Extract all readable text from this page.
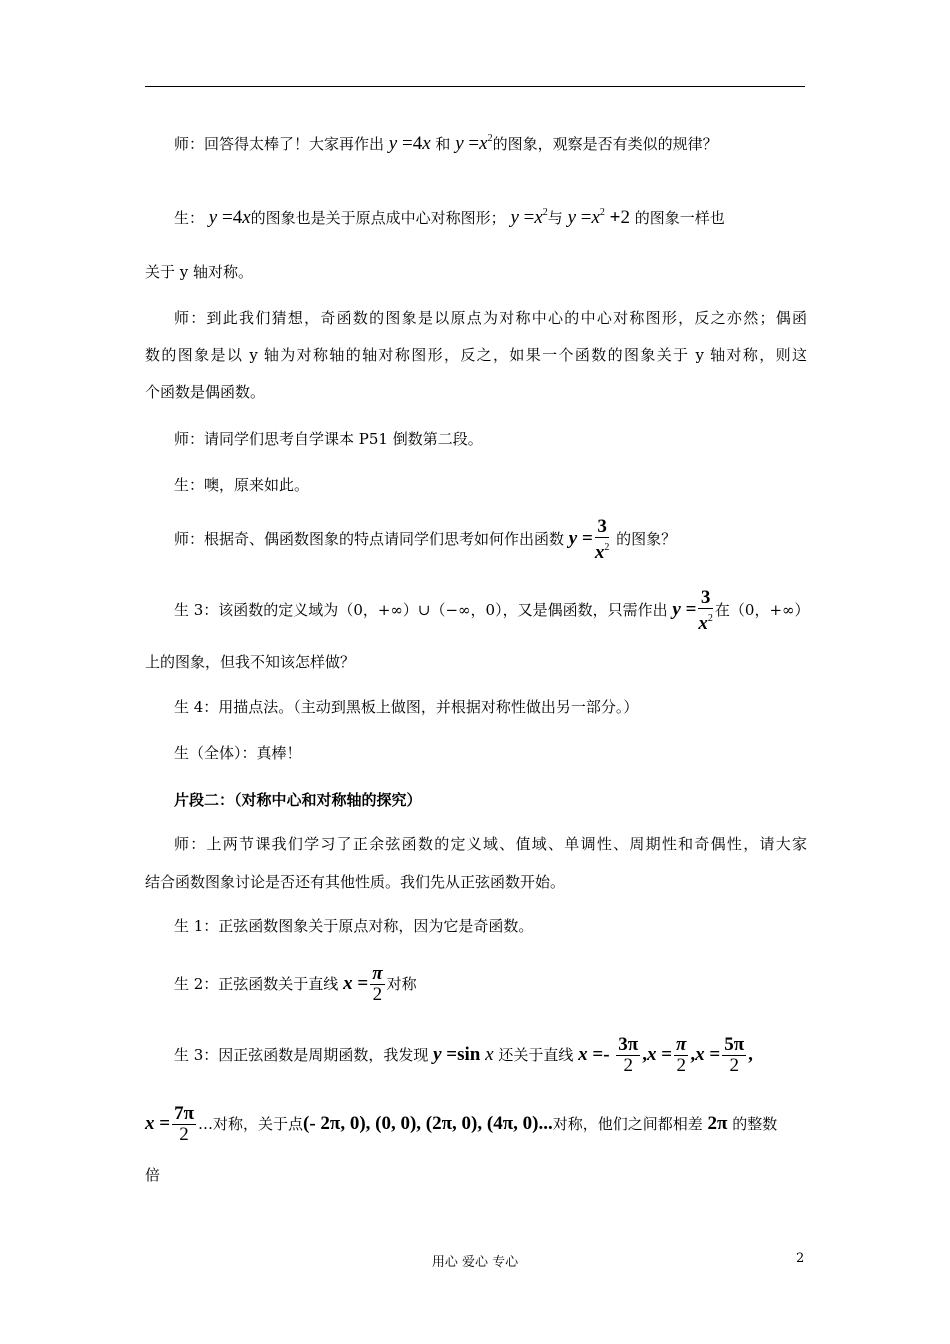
师：回答得太棒了！大家再作出 y =4x 和 $y =x^2$的图象，观察是否有类似的规律？
生： y =4x的图象也是关于原点成中心对称图形； $y =x^2$与 $y =x^2 +2$ 的图象一样也
关于 y 轴对称。
师：到此我们猜想，奇函数的图象是以原点为对称中心的中心对称图形，反之亦然；偶函
数的图象是以 y 轴为对称轴的轴对称图形，反之，如果一个函数的图象关于 y 轴对称，则这
个函数是偶函数。
师：请同学们思考自学课本 P51 倒数第二段。
生：噢，原来如此。
师：根据奇、偶函数图象的特点请同学们思考如何作出函数 $y = \frac{3}{x^2}$ 的图象？
生 3：该函数的定义域为（0，+∞）∪（−∞，0），又是偶函数，只需作出 $y = \frac{3}{x^2}$ 在（0，+∞）
上的图象，但我不知该怎样做？
生 4：用描点法。（主动到黑板上做图，并根据对称性做出另一部分。）
生（全体）：真棒！
片段二：（对称中心和对称轴的探究）
师：上两节课我们学习了正余弦函数的定义域、值域、单调性、周期性和奇偶性，请大家
结合函数图象讨论是否还有其他性质。我们先从正弦函数开始。
生 1：正弦函数图象关于原点对称，因为它是奇函数。
生 2：正弦函数关于直线 $x = \frac{\pi}{2}$ 对称
生 3：因正弦函数是周期函数，我发现 y =sin x 还关于直线 $x =- \frac{3\pi}{2} ,x = \frac{\pi}{2} ,x = \frac{5\pi}{2}$ ,
$x = \frac{7\pi}{2}$ …对称，关于点(- 2π, 0), (0, 0), (2π, 0), (4π, 0)...对称，他们之间都相差 2π 的整数
倍
用心 爱心 专心	2
